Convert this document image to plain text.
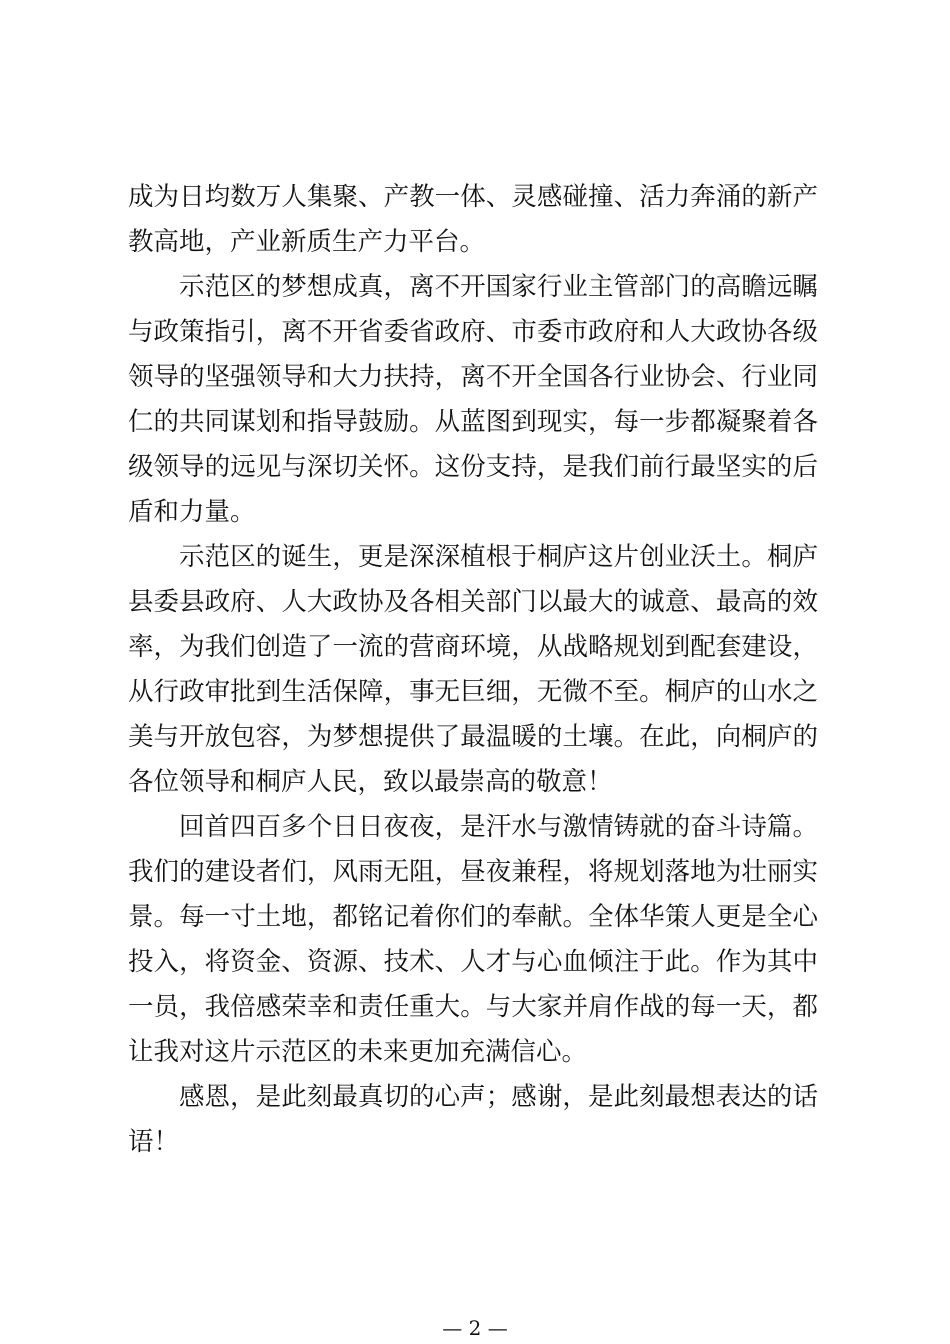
成为日均数万人集聚、产教一体、灵感碰撞、活力奔涌的新产教高地，产业新质生产力平台。

示范区的梦想成真，离不开国家行业主管部门的高瞻远瞩与政策指引，离不开省委省政府、市委市政府和人大政协各级领导的坚强领导和大力扶持，离不开全国各行业协会、行业同仁的共同谋划和指导鼓励。从蓝图到现实，每一步都凝聚着各级领导的远见与深切关怀。这份支持，是我们前行最坚实的后盾和力量。

示范区的诞生，更是深深植根于桐庐这片创业沃土。桐庐县委县政府、人大政协及各相关部门以最大的诚意、最高的效率，为我们创造了一流的营商环境，从战略规划到配套建设，从行政审批到生活保障，事无巨细，无微不至。桐庐的山水之美与开放包容，为梦想提供了最温暖的土壤。在此，向桐庐的各位领导和桐庐人民，致以最崇高的敬意！

回首四百多个日日夜夜，是汗水与激情铸就的奋斗诗篇。我们的建设者们，风雨无阻，昼夜兼程，将规划落地为壮丽实景。每一寸土地，都铭记着你们的奉献。全体华策人更是全心投入，将资金、资源、技术、人才与心血倾注于此。作为其中一员，我倍感荣幸和责任重大。与大家并肩作战的每一天，都让我对这片示范区的未来更加充满信心。

感恩，是此刻最真切的心声；感谢，是此刻最想表达的话语！

— 2 —
